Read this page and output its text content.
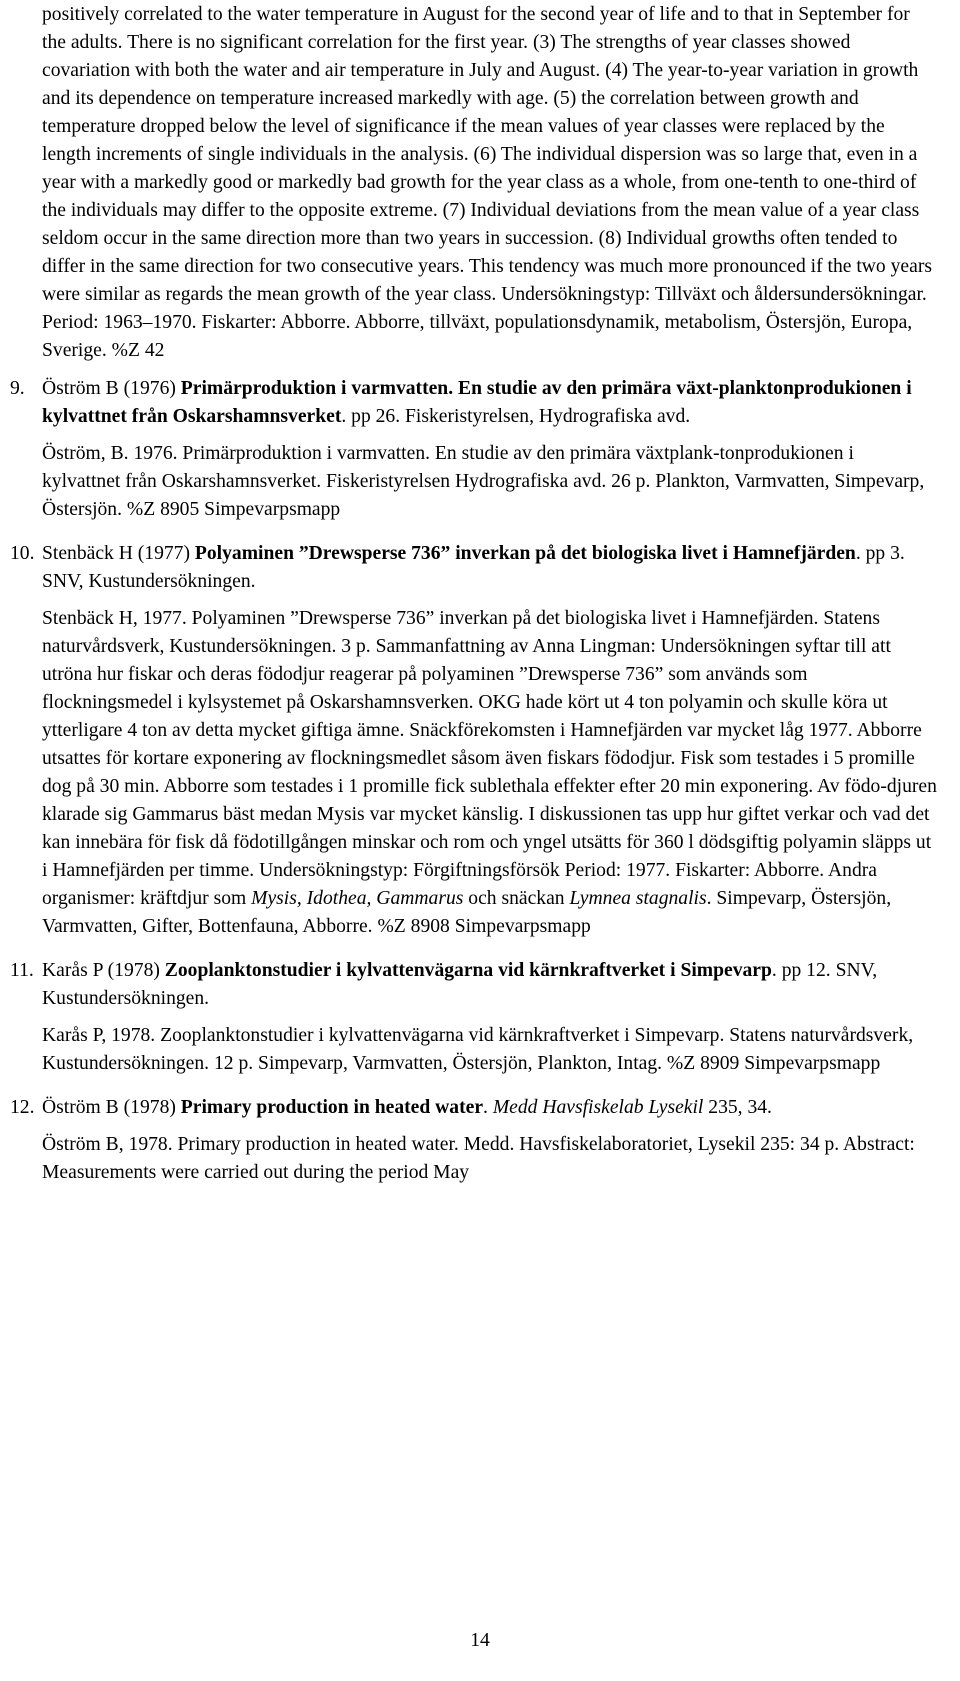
positively correlated to the water temperature in August for the second year of life and to that in September for the adults. There is no significant correlation for the first year. (3) The strengths of year classes showed covariation with both the water and air temperature in July and August. (4) The year-to-year variation in growth and its dependence on temperature increased markedly with age. (5) the correlation between growth and temperature dropped below the level of significance if the mean values of year classes were replaced by the length increments of single individuals in the analysis. (6) The individual dispersion was so large that, even in a year with a markedly good or markedly bad growth for the year class as a whole, from one-tenth to one-third of the individuals may differ to the opposite extreme. (7) Individual deviations from the mean value of a year class seldom occur in the same direction more than two years in succession. (8) Individual growths often tended to differ in the same direction for two consecutive years. This tendency was much more pronounced if the two years were similar as regards the mean growth of the year class. Undersökningstyp: Tillväxt och åldersundersökningar. Period: 1963–1970. Fiskarter: Abborre. Abborre, tillväxt, populationsdynamik, metabolism, Östersjön, Europa, Sverige. %Z 42

9. Öström B (1976) Primärproduktion i varmvatten. En studie av den primära växt-planktonprodukionen i kylvattnet från Oskarshamnsverket. pp 26. Fiskeristyrelsen, Hydrografiska avd.

Öström, B. 1976. Primärproduktion i varmvatten. En studie av den primära växtplank-tonprodukionen i kylvattnet från Oskarshamnsverket. Fiskeristyrelsen Hydrografiska avd. 26 p. Plankton, Varmvatten, Simpevarp, Östersjön. %Z 8905 Simpevarpsmapp

10. Stenbäck H (1977) Polyaminen ”Drewsperse 736” inverkan på det biologiska livet i Hamnefjärden. pp 3. SNV, Kustundersökningen.

Stenbäck H, 1977. Polyaminen ”Drewsperse 736” inverkan på det biologiska livet i Hamnefjärden. Statens naturvårdsverk, Kustundersökningen. 3 p. Sammanfattning av Anna Lingman: Undersökningen syftar till att utröna hur fiskar och deras födodjur reagerar på polyaminen ”Drewsperse 736” som används som flockningsmedel i kylsystemet på Oskarshamnsverken. OKG hade kört ut 4 ton polyamin och skulle köra ut ytterligare 4 ton av detta mycket giftiga ämne. Snäckförekomsten i Hamnefjärden var mycket låg 1977. Abborre utsattes för kortare exponering av flockningsmedlet såsom även fiskars födodjur. Fisk som testades i 5 promille dog på 30 min. Abborre som testades i 1 promille fick sublethala effekter efter 20 min exponering. Av födo-djuren klarade sig Gammarus bäst medan Mysis var mycket känslig. I diskussionen tas upp hur giftet verkar och vad det kan innebära för fisk då födotillgången minskar och rom och yngel utsätts för 360 l dödsgiftig polyamin släpps ut i Hamnefjärden per timme. Undersökningstyp: Förgiftningsförsök Period: 1977. Fiskarter: Abborre. Andra organismer: kräftdjur som Mysis, Idothea, Gammarus och snäckan Lymnea stagnalis. Simpevarp, Östersjön, Varmvatten, Gifter, Bottenfauna, Abborre. %Z 8908 Simpevarpsmapp

11. Karås P (1978) Zooplanktonstudier i kylvattenvägarna vid kärnkraftverket i Simpevarp. pp 12. SNV, Kustundersökningen.

Karås P, 1978. Zooplanktonstudier i kylvattenvägarna vid kärnkraftverket i Simpevarp. Statens naturvårdsverk, Kustundersökningen. 12 p. Simpevarp, Varmvatten, Östersjön, Plankton, Intag. %Z 8909 Simpevarpsmapp

12. Öström B (1978) Primary production in heated water. Medd Havsfiskelab Lysekil 235, 34.

Öström B, 1978. Primary production in heated water. Medd. Havsfiskelaboratoriet, Lysekil 235: 34 p. Abstract: Measurements were carried out during the period May

14
